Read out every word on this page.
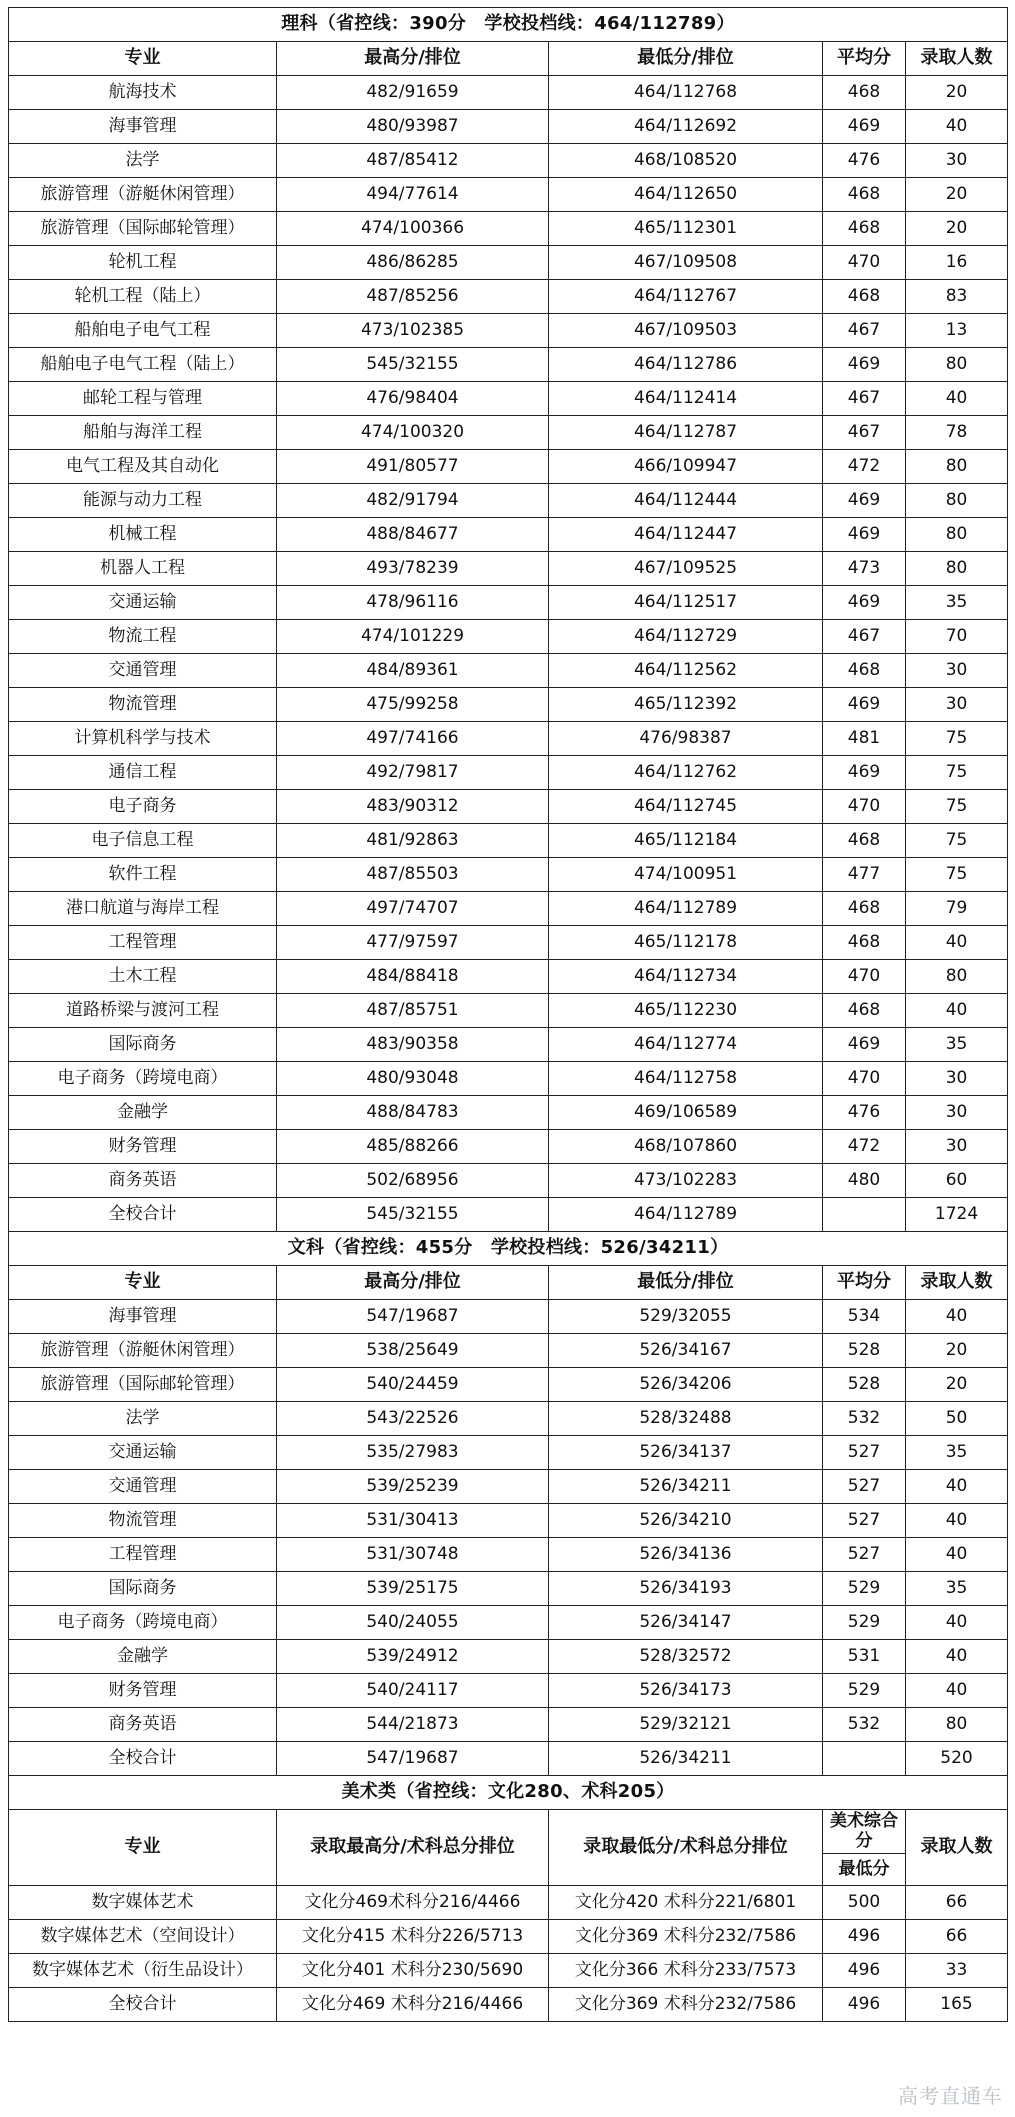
理科（省控线：390分　学校投档线：464/112789）				
专业	最高分/排位	最低分/排位	平均分	录取人数
航海技术	482/91659	464/112768	468	20
海事管理	480/93987	464/112692	469	40
法学	487/85412	468/108520	476	30
旅游管理（游艇休闲管理）	494/77614	464/112650	468	20
旅游管理（国际邮轮管理）	474/100366	465/112301	468	20
轮机工程	486/86285	467/109508	470	16
轮机工程（陆上）	487/85256	464/112767	468	83
船舶电子电气工程	473/102385	467/109503	467	13
船舶电子电气工程（陆上）	545/32155	464/112786	469	80
邮轮工程与管理	476/98404	464/112414	467	40
船舶与海洋工程	474/100320	464/112787	467	78
电气工程及其自动化	491/80577	466/109947	472	80
能源与动力工程	482/91794	464/112444	469	80
机械工程	488/84677	464/112447	469	80
机器人工程	493/78239	467/109525	473	80
交通运输	478/96116	464/112517	469	35
物流工程	474/101229	464/112729	467	70
交通管理	484/89361	464/112562	468	30
物流管理	475/99258	465/112392	469	30
计算机科学与技术	497/74166	476/98387	481	75
通信工程	492/79817	464/112762	469	75
电子商务	483/90312	464/112745	470	75
电子信息工程	481/92863	465/112184	468	75
软件工程	487/85503	474/100951	477	75
港口航道与海岸工程	497/74707	464/112789	468	79
工程管理	477/97597	465/112178	468	40
土木工程	484/88418	464/112734	470	80
道路桥梁与渡河工程	487/85751	465/112230	468	40
国际商务	483/90358	464/112774	469	35
电子商务（跨境电商）	480/93048	464/112758	470	30
金融学	488/84783	469/106589	476	30
财务管理	485/88266	468/107860	472	30
商务英语	502/68956	473/102283	480	60
全校合计	545/32155	464/112789		1724
文科（省控线：455分　学校投档线：526/34211）				
专业	最高分/排位	最低分/排位	平均分	录取人数
海事管理	547/19687	529/32055	534	40
旅游管理（游艇休闲管理）	538/25649	526/34167	528	20
旅游管理（国际邮轮管理）	540/24459	526/34206	528	20
法学	543/22526	528/32488	532	50
交通运输	535/27983	526/34137	527	35
交通管理	539/25239	526/34211	527	40
物流管理	531/30413	526/34210	527	40
工程管理	531/30748	526/34136	527	40
国际商务	539/25175	526/34193	529	35
电子商务（跨境电商）	540/24055	526/34147	529	40
金融学	539/24912	528/32572	531	40
财务管理	540/24117	526/34173	529	40
商务英语	544/21873	529/32121	532	80
全校合计	547/19687	526/34211		520
美术类（省控线：文化280、术科205）				
专业	录取最高分/术科总分排位	录取最低分/术科总分排位	美术综合分	录取人数
			最低分	
数字媒体艺术	文化分469术科分216/4466	文化分420 术科分221/6801	500	66
数字媒体艺术（空间设计）	文化分415 术科分226/5713	文化分369 术科分232/7586	496	66
数字媒体艺术（衍生品设计）	文化分401 术科分230/5690	文化分366 术科分233/7573	496	33
全校合计	文化分469 术科分216/4466	文化分369 术科分232/7586	496	165
高考直通车
